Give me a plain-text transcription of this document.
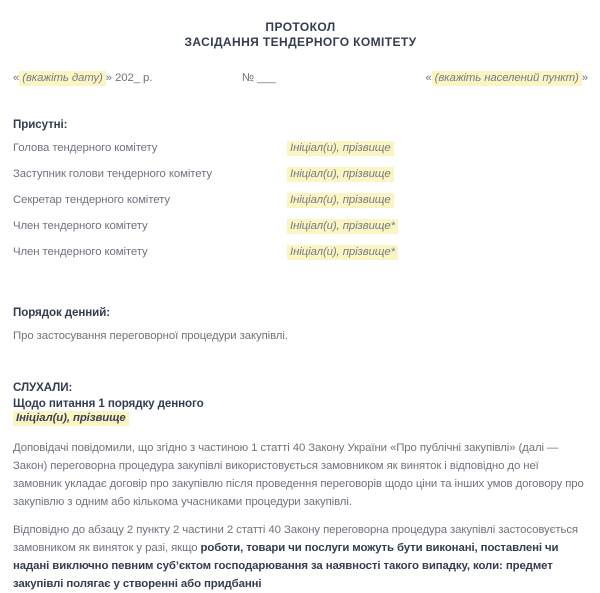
ПРОТОКОЛ
ЗАСІДАННЯ ТЕНДЕРНОГО КОМІТЕТУ
« (вкажіть дату) » 202_ р.	№ ___	« (вкажіть населений пункт) »
Присутні:
Голова тендерного комітету	Ініціал(и), прізвище
Заступник голови тендерного комітету	Ініціал(и), прізвище
Секретар тендерного комітету	Ініціал(и), прізвище
Член тендерного комітету	Ініціал(и), прізвище*
Член тендерного комітету	Ініціал(и), прізвище*
Порядок денний:
Про застосування переговорної процедури закупівлі.
СЛУХАЛИ:
Щодо питання 1 порядку денного
Ініціал(и), прізвище
Доповідачі повідомили, що згідно з частиною 1 статті 40 Закону України «Про публічні закупівлі» (далі — Закон) переговорна процедура закупівлі використовується замовником як виняток і відповідно до неї замовник укладає договір про закупівлю після проведення переговорів щодо ціни та інших умов договору про закупівлю з одним або кількома учасниками процедури закупівлі.
Відповідно до абзацу 2 пункту 2 частини 2 статті 40 Закону переговорна процедура закупівлі застосовується замовником як виняток у разі, якщо роботи, товари чи послуги можуть бути виконані, поставлені чи надані виключно певним суб’єктом господарювання за наявності такого випадку, коли: предмет закупівлі полягає у створенні або придбанні
